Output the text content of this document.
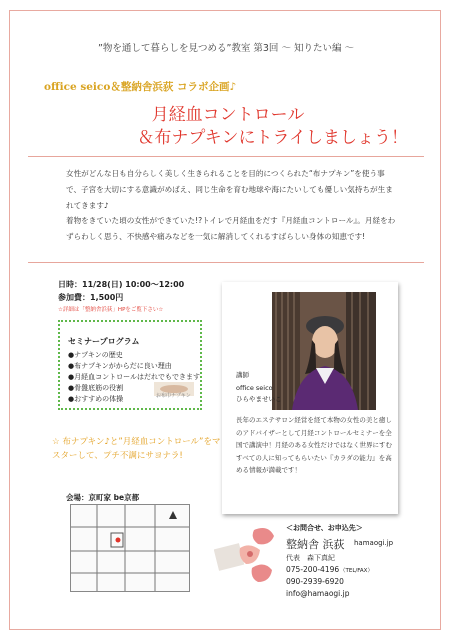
”物を通して暮らしを見つめる”教室 第3回 〜 知りたい編 〜
office seico＆整納舎浜荻 コラボ企画♪
月経血コントロール
＆布ナプキンにトライしましょう！

女性がどんな日も自分らしく美しく生きられることを目的につくられた“布ナプキン”を使う事で、子宮を大切にする意識がめばえ、同じ生命を育む地球や海にたいしても優しい気持ちが生まれてきます♪

着物をきていた頃の女性ができていた!?トイレで月経血をだす『月経血コントロール』。月経をわずらわしく思う、不快感や痛みなどを一気に解消してくれるすばらしい身体の知恵です!

日時：11/28(日) 10:00〜12:00
参加費：1,500円
☆詳細は「整納舎浜荻」HPをご覧下さい☆
セミナープログラム
●ナプキンの歴史
●布ナプキンがからだに良い理由
●月経血コントロールはだれでもできます
●骨盤底筋の役割
●おすすめの体操	お布巾ナプキン
☆ 布ナプキン♪と”月経血コントロール”をマスターして、プチ不調にサヨナラ!
講師
office seico
ひらやませいこ
長年のエステサロン経営を経て本物の女性の美と癒しのアドバイザーとして月経コントロールセミナーを全国で講演中！月経のある女性だけではなく世界にすむすべての人に知ってもらいたい『カラダの能力』を高める情報が満載です！
会場：京町家 be京都
＜お問合せ、お申込先＞
整納舎 浜荻 hamaogi.jp
代表　森下真紀
075-200-4196 （TEL/FAX）
090-2939-6920
info@hamaogi.jp
